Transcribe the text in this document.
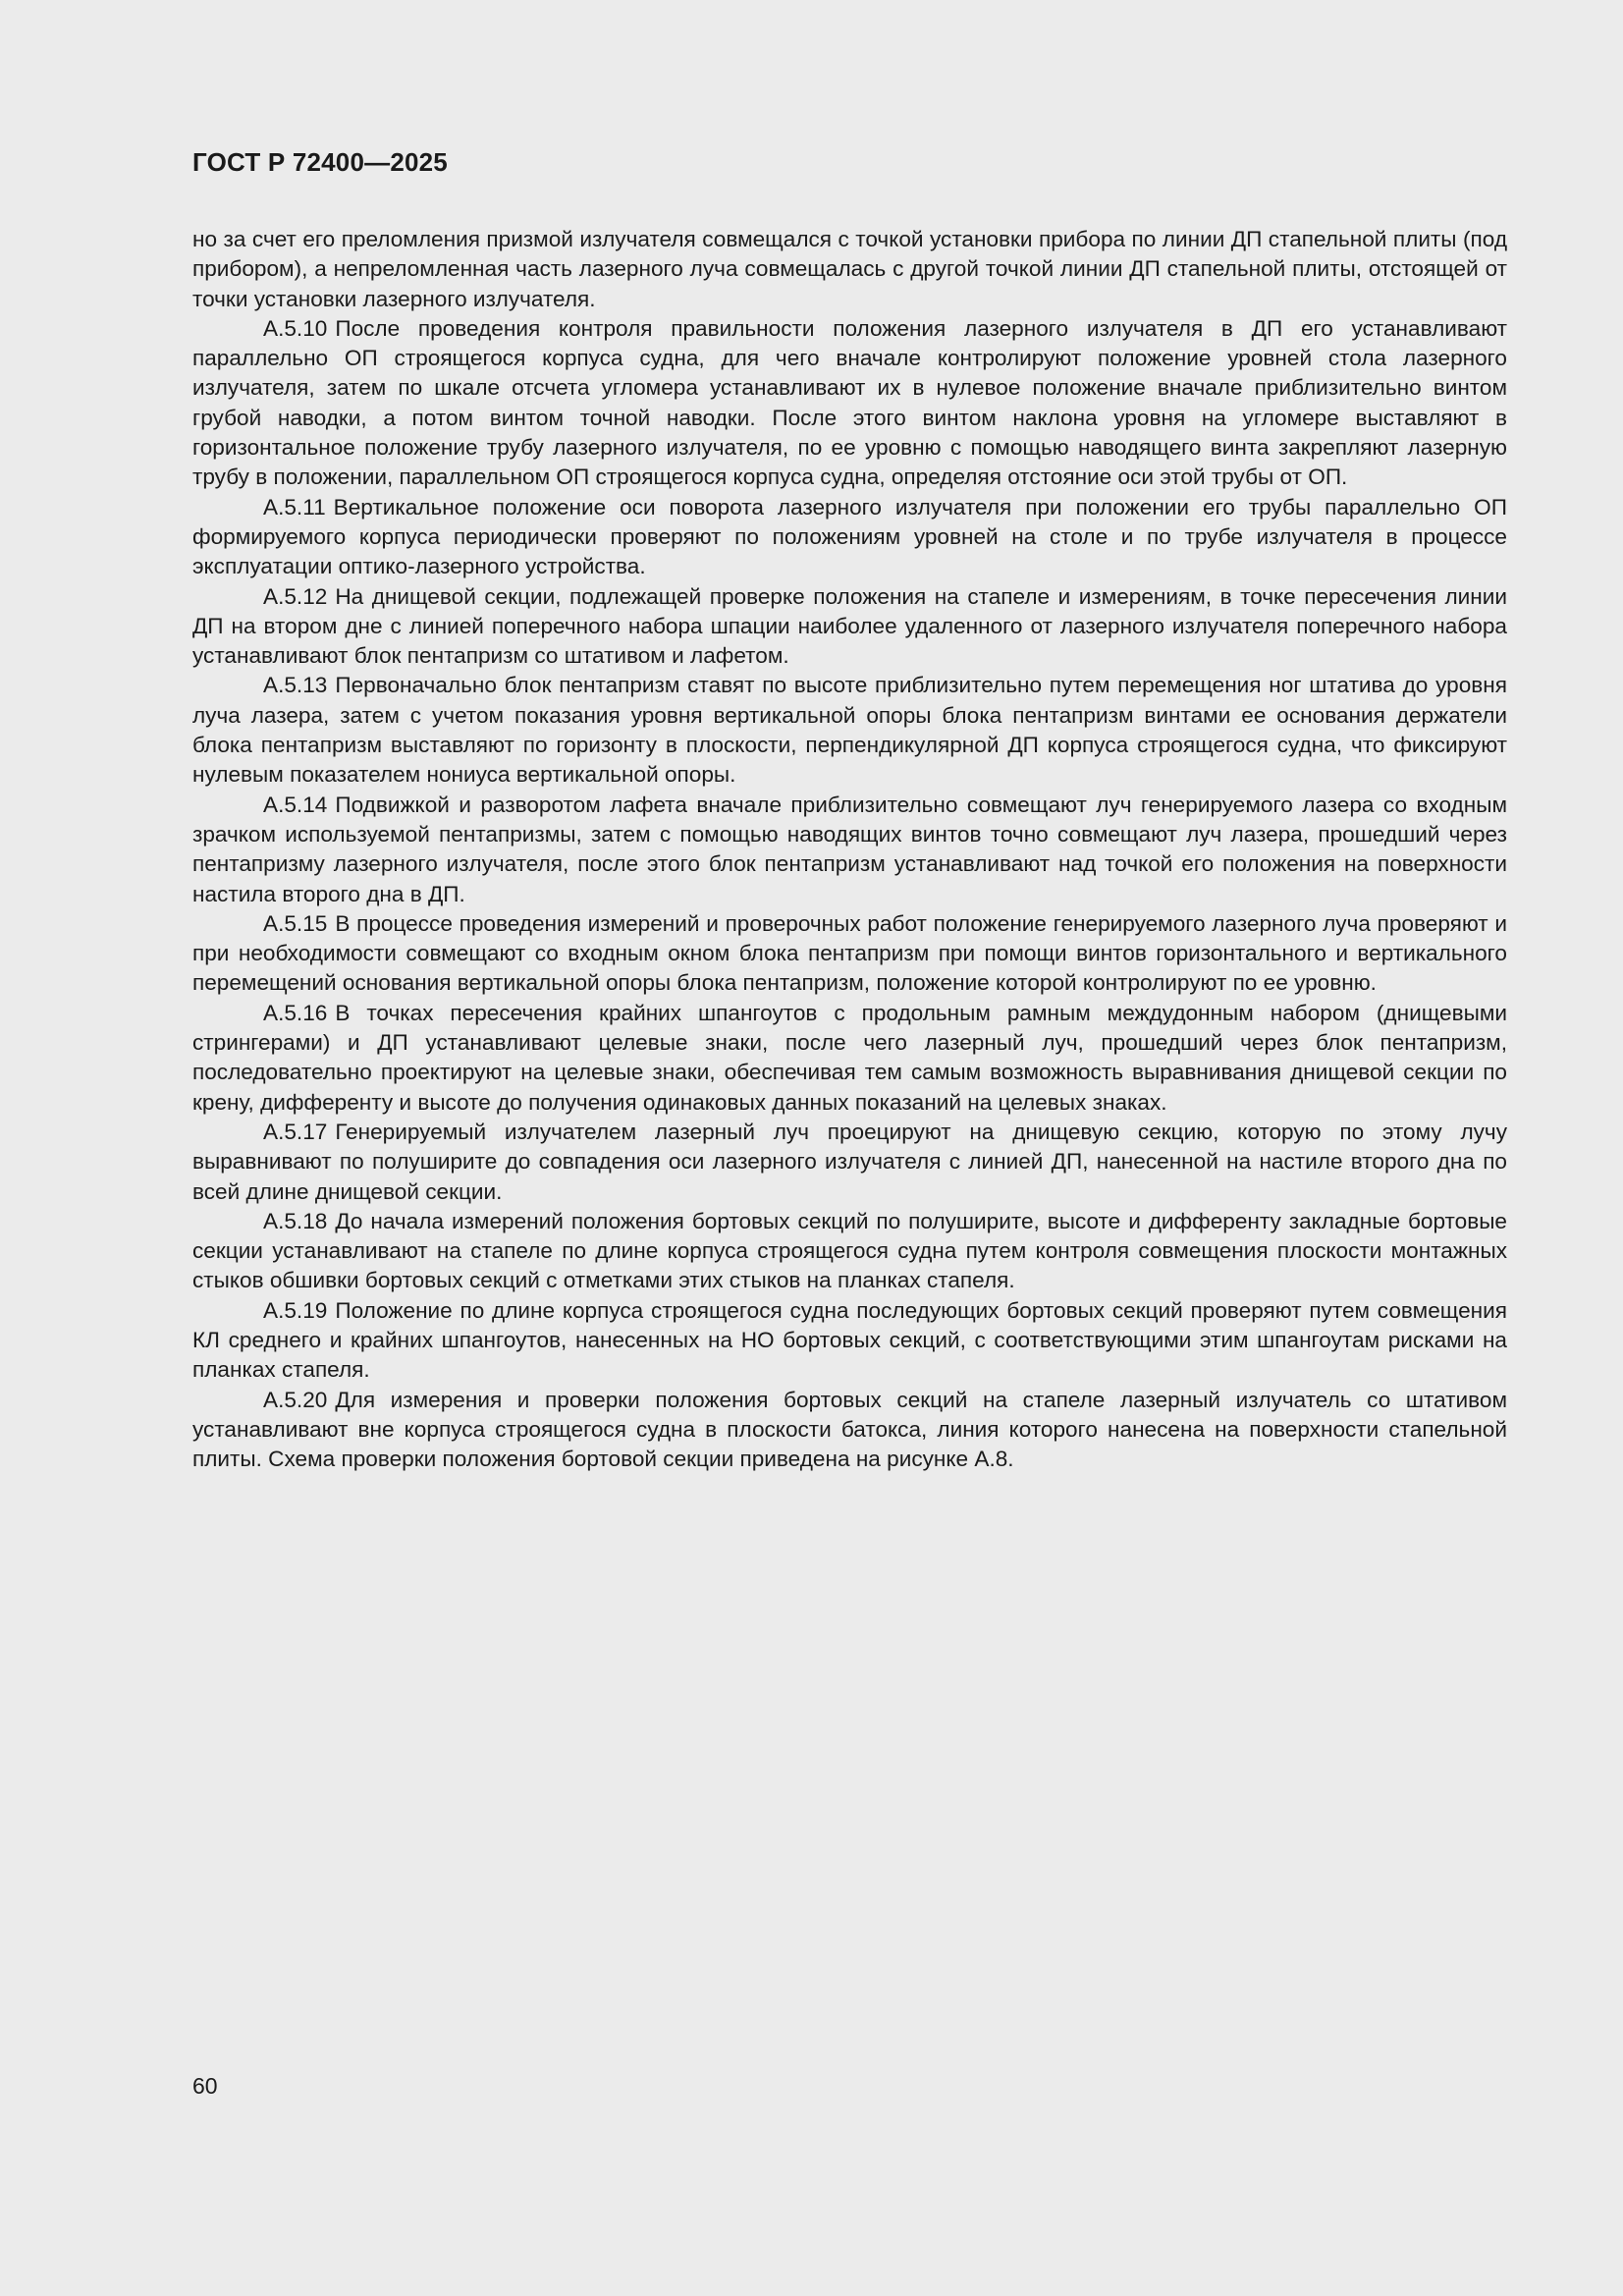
ГОСТ Р 72400—2025

но за счет его преломления призмой излучателя совмещался с точкой установки прибора по линии ДП стапельной плиты (под прибором), а непреломленная часть лазерного луча совмещалась с другой точкой линии ДП стапельной плиты, отстоящей от точки установки лазерного излучателя.

А.5.10 После проведения контроля правильности положения лазерного излучателя в ДП его устанавливают параллельно ОП строящегося корпуса судна, для чего вначале контролируют положение уровней стола лазерного излучателя, затем по шкале отсчета угломера устанавливают их в нулевое положение вначале приблизительно винтом грубой наводки, а потом винтом точной наводки. После этого винтом наклона уровня на угломере выставляют в горизонтальное положение трубу лазерного излучателя, по ее уровню с помощью наводящего винта закрепляют лазерную трубу в положении, параллельном ОП строящегося корпуса судна, определяя отстояние оси этой трубы от ОП.

А.5.11 Вертикальное положение оси поворота лазерного излучателя при положении его трубы параллельно ОП формируемого корпуса периодически проверяют по положениям уровней на столе и по трубе излучателя в процессе эксплуатации оптико-лазерного устройства.

А.5.12 На днищевой секции, подлежащей проверке положения на стапеле и измерениям, в точке пересечения линии ДП на втором дне с линией поперечного набора шпации наиболее удаленного от лазерного излучателя поперечного набора устанавливают блок пентапризм со штативом и лафетом.

А.5.13 Первоначально блок пентапризм ставят по высоте приблизительно путем перемещения ног штатива до уровня луча лазера, затем с учетом показания уровня вертикальной опоры блока пентапризм винтами ее основания держатели блока пентапризм выставляют по горизонту в плоскости, перпендикулярной ДП корпуса строящегося судна, что фиксируют нулевым показателем нониуса вертикальной опоры.

А.5.14 Подвижкой и разворотом лафета вначале приблизительно совмещают луч генерируемого лазера со входным зрачком используемой пентапризмы, затем с помощью наводящих винтов точно совмещают луч лазера, прошедший через пентапризму лазерного излучателя, после этого блок пентапризм устанавливают над точкой его положения на поверхности настила второго дна в ДП.

А.5.15 В процессе проведения измерений и проверочных работ положение генерируемого лазерного луча проверяют и при необходимости совмещают со входным окном блока пентапризм при помощи винтов горизонтального и вертикального перемещений основания вертикальной опоры блока пентапризм, положение которой контролируют по ее уровню.

А.5.16 В точках пересечения крайних шпангоутов с продольным рамным междудонным набором (днищевыми стрингерами) и ДП устанавливают целевые знаки, после чего лазерный луч, прошедший через блок пентапризм, последовательно проектируют на целевые знаки, обеспечивая тем самым возможность выравнивания днищевой секции по крену, дифференту и высоте до получения одинаковых данных показаний на целевых знаках.

А.5.17 Генерируемый излучателем лазерный луч проецируют на днищевую секцию, которую по этому лучу выравнивают по полуширите до совпадения оси лазерного излучателя с линией ДП, нанесенной на настиле второго дна по всей длине днищевой секции.

А.5.18 До начала измерений положения бортовых секций по полуширите, высоте и дифференту закладные бортовые секции устанавливают на стапеле по длине корпуса строящегося судна путем контроля совмещения плоскости монтажных стыков обшивки бортовых секций с отметками этих стыков на планках стапеля.

А.5.19 Положение по длине корпуса строящегося судна последующих бортовых секций проверяют путем совмещения КЛ среднего и крайних шпангоутов, нанесенных на НО бортовых секций, с соответствующими этим шпангоутам рисками на планках стапеля.

А.5.20 Для измерения и проверки положения бортовых секций на стапеле лазерный излучатель со штативом устанавливают вне корпуса строящегося судна в плоскости батокса, линия которого нанесена на поверхности стапельной плиты. Схема проверки положения бортовой секции приведена на рисунке А.8.

60
